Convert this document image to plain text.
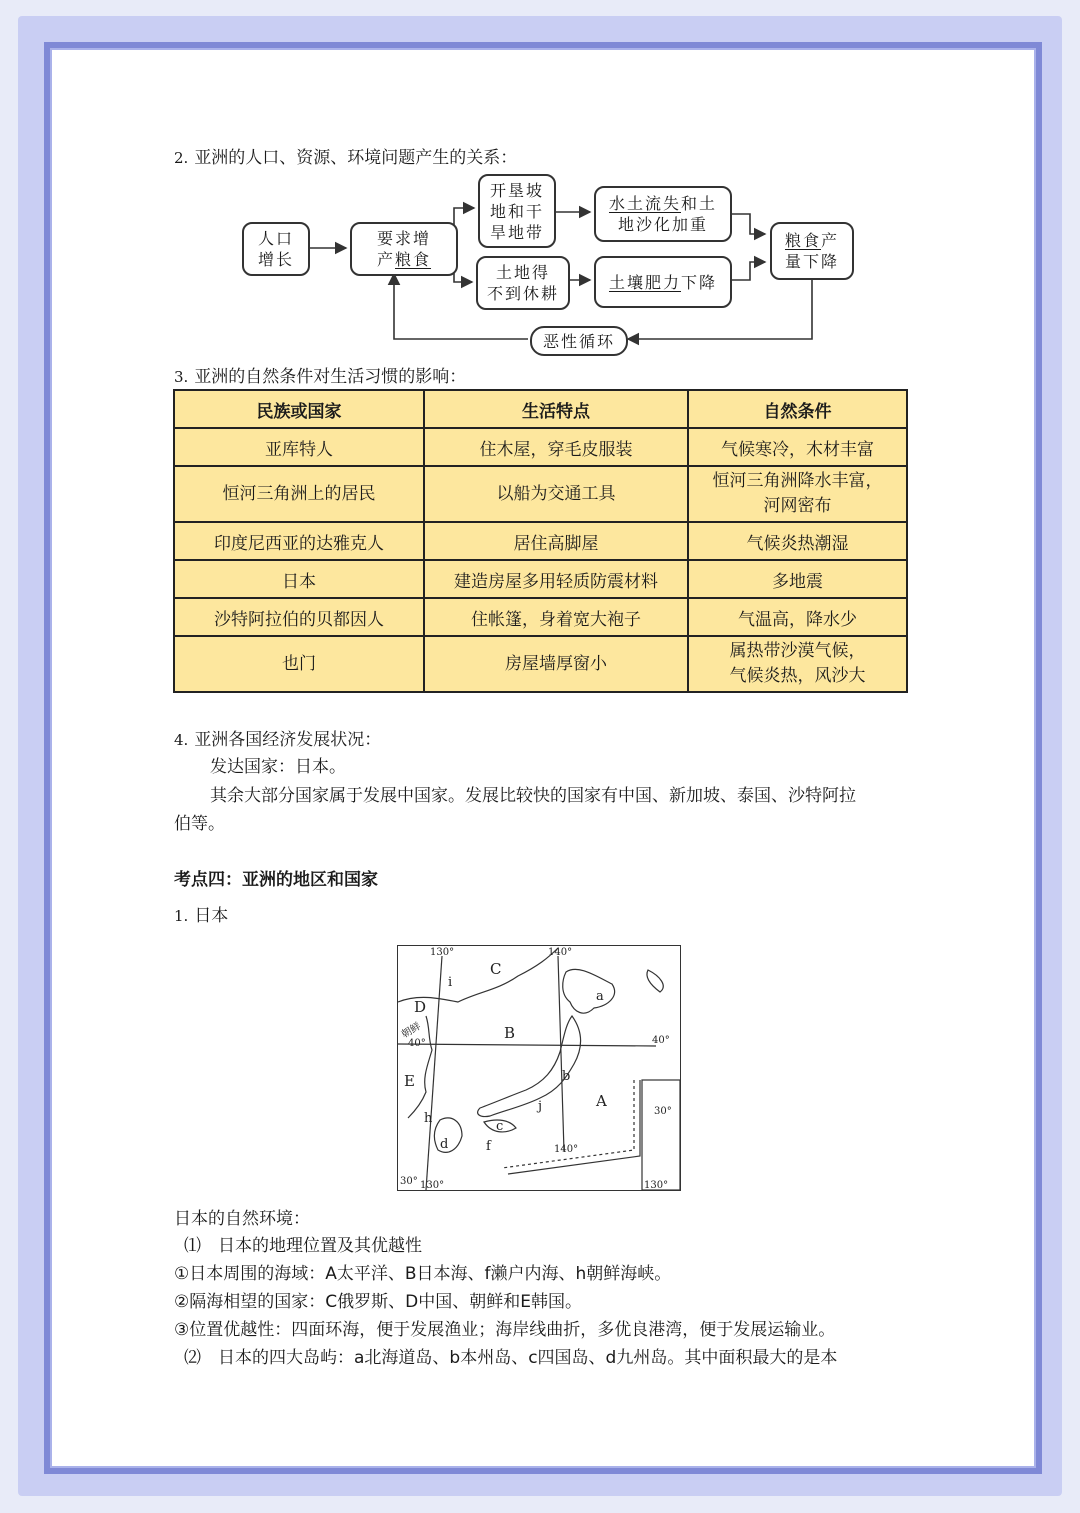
2. 亚洲的人口、资源、环境问题产生的关系：
人口
增长
要求增
产粮食
开垦坡
地和干
旱地带
土地得
不到休耕
水土流失和土
地沙化加重
土壤肥力下降
粮食产
量下降
恶性循环
3. 亚洲的自然条件对生活习惯的影响：
民族或国家	生活特点	自然条件
亚库特人	住木屋，穿毛皮服装	气候寒冷，木材丰富
恒河三角洲上的居民	以船为交通工具	恒河三角洲降水丰富，
河网密布

印度尼西亚的达雅克人	居住高脚屋	气候炎热潮湿
日本	建造房屋多用轻质防震材料	多地震
沙特阿拉伯的贝都因人	住帐篷，身着宽大袍子	气温高，降水少
也门	房屋墙厚窗小	属热带沙漠气候，
气候炎热，风沙大
4. 亚洲各国经济发展状况：
发达国家：日本。
其余大部分国家属于发展中国家。发展比较快的国家有中国、新加坡、泰国、沙特阿拉
伯等。
考点四：亚洲的地区和国家
1. 日本
130°	140°
40°	40°
30° 130°
140°
30°
130°
C
B
A
D
E
a
b
c
d	f
h
i
j
朝鲜
日本的自然环境：
⑴　日本的地理位置及其优越性
①日本周围的海域：A太平洋、B日本海、f濑户内海、h朝鲜海峡。
②隔海相望的国家：C俄罗斯、D中国、朝鲜和E韩国。
③位置优越性：四面环海，便于发展渔业；海岸线曲折，多优良港湾，便于发展运输业。
⑵　日本的四大岛屿：a北海道岛、b本州岛、c四国岛、d九州岛。其中面积最大的是本
